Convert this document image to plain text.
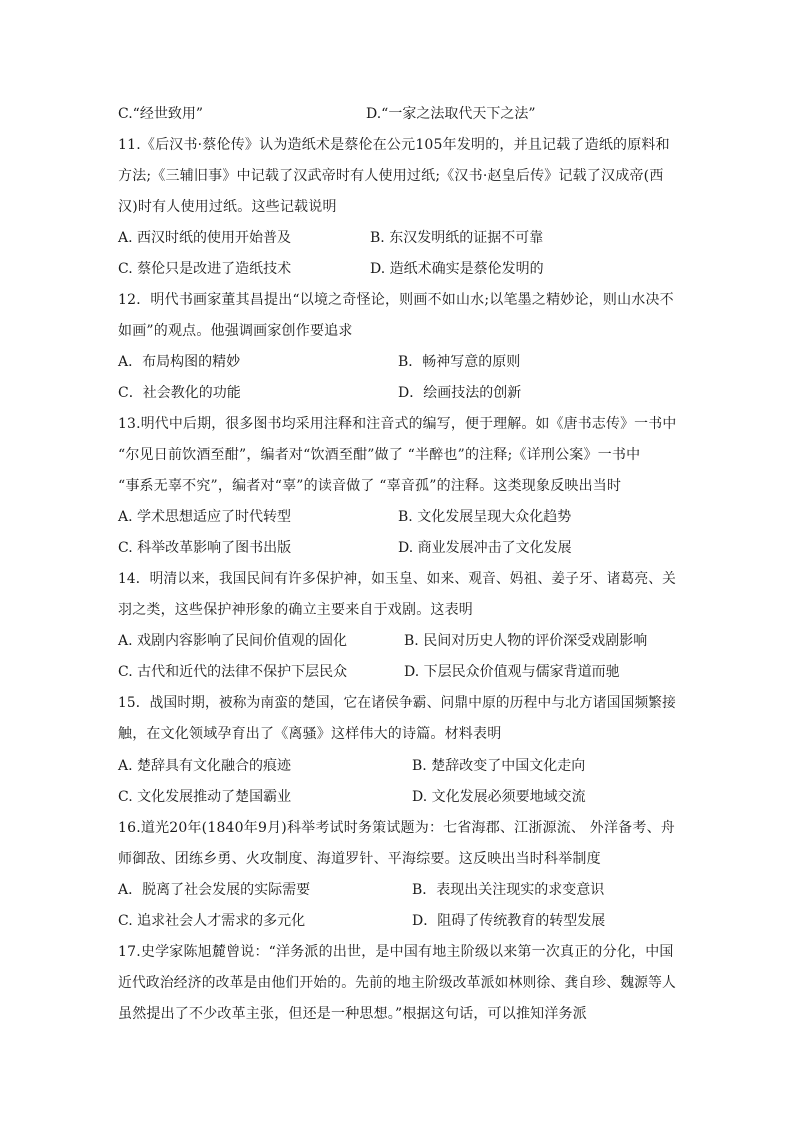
C.“经世致用”	D.“一家之法取代天下之法”
11.《后汉书·蔡伦传》认为造纸术是蔡伦在公元105年发明的，并且记载了造纸的原料和
方法;《三辅旧事》中记载了汉武帝时有人使用过纸;《汉书·赵皇后传》记载了汉成帝(西
汉)时有人使用过纸。这些记载说明
A. 西汉时纸的使用开始普及	B. 东汉发明纸的证据不可靠
C. 蔡伦只是改进了造纸技术	D. 造纸术确实是蔡伦发明的
12．明代书画家董其昌提出“以境之奇怪论，则画不如山水;以笔墨之精妙论，则山水决不
如画”的观点。他强调画家创作要追求
A．布局构图的精妙	B．畅神写意的原则
C．社会教化的功能	D．绘画技法的创新
13.明代中后期，很多图书均采用注释和注音式的编写，便于理解。如《唐书志传》一书中
“尔见日前饮酒至酣”，编者对“饮酒至酣”做了 “半醉也”的注释;《详刑公案》一书中
“事系无辜不究”，编者对“辜”的读音做了 “辜音孤”的注释。这类现象反映出当时
A. 学术思想适应了时代转型	B. 文化发展呈现大众化趋势
C. 科举改革影响了图书出版	D. 商业发展冲击了文化发展
14．明清以来，我国民间有许多保护神，如玉皇、如来、观音、妈祖、姜子牙、诸葛亮、关
羽之类，这些保护神形象的确立主要来自于戏剧。这表明
A. 戏剧内容影响了民间价值观的固化	B. 民间对历史人物的评价深受戏剧影响
C. 古代和近代的法律不保护下层民众	D. 下层民众价值观与儒家背道而驰
15．战国时期，被称为南蛮的楚国，它在诸侯争霸、问鼎中原的历程中与北方诸国国频繁接
触，在文化领域孕育出了《离骚》这样伟大的诗篇。材料表明
A. 楚辞具有文化融合的痕迹	B. 楚辞改变了中国文化走向
C. 文化发展推动了楚国霸业	D. 文化发展必须要地域交流
16.道光20年(1840年9月)科举考试时务策试题为：七省海郡、江浙源流、 外洋备考、舟
师御敌、团练乡勇、火攻制度、海道罗针、平海综要。这反映出当时科举制度
A．脱离了社会发展的实际需要	B．表现出关注现实的求变意识
C. 追求社会人才需求的多元化	D．阻碍了传统教育的转型发展
17.史学家陈旭麓曾说：“洋务派的出世，是中国有地主阶级以来第一次真正的分化，中国
近代政治经济的改革是由他们开始的。先前的地主阶级改革派如林则徐、龚自珍、魏源等人
虽然提出了不少改革主张，但还是一种思想。”根据这句话，可以推知洋务派
